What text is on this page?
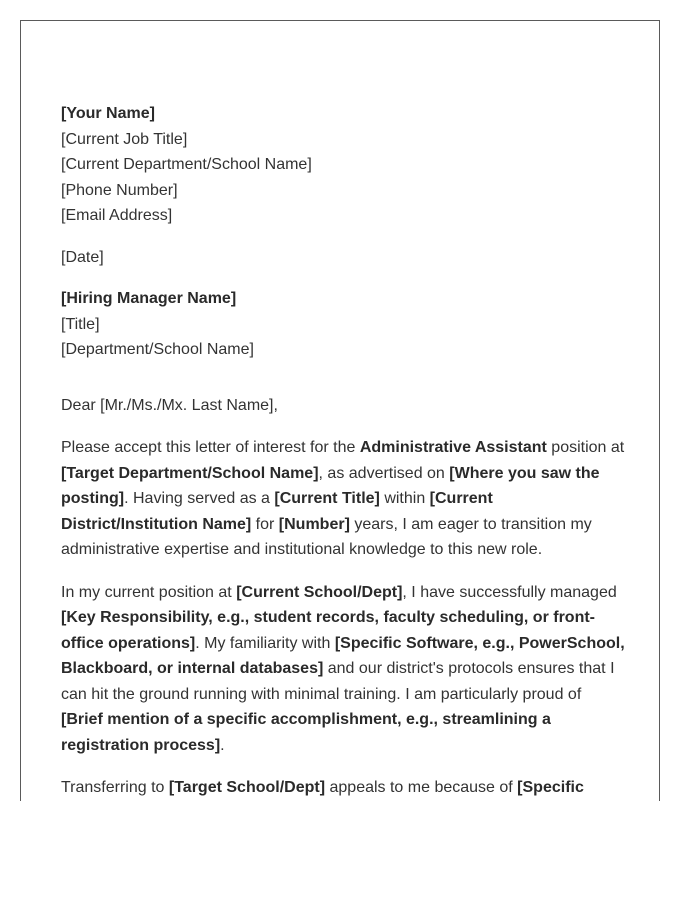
[Your Name]

[Current Job Title]

[Current Department/School Name]

[Phone Number]

[Email Address]

[Date]

[Hiring Manager Name]

[Title]

[Department/School Name]

Dear [Mr./Ms./Mx. Last Name],

Please accept this letter of interest for the Administrative Assistant position at [Target Department/School Name], as advertised on [Where you saw the posting]. Having served as a [Current Title] within [Current District/Institution Name] for [Number] years, I am eager to transition my administrative expertise and institutional knowledge to this new role.

In my current position at [Current School/Dept], I have successfully managed [Key Responsibility, e.g., student records, faculty scheduling, or front-office operations]. My familiarity with [Specific Software, e.g., PowerSchool, Blackboard, or internal databases] and our district's protocols ensures that I can hit the ground running with minimal training. I am particularly proud of [Brief mention of a specific accomplishment, e.g., streamlining a registration process].

Transferring to [Target School/Dept] appeals to me because of [Specific
